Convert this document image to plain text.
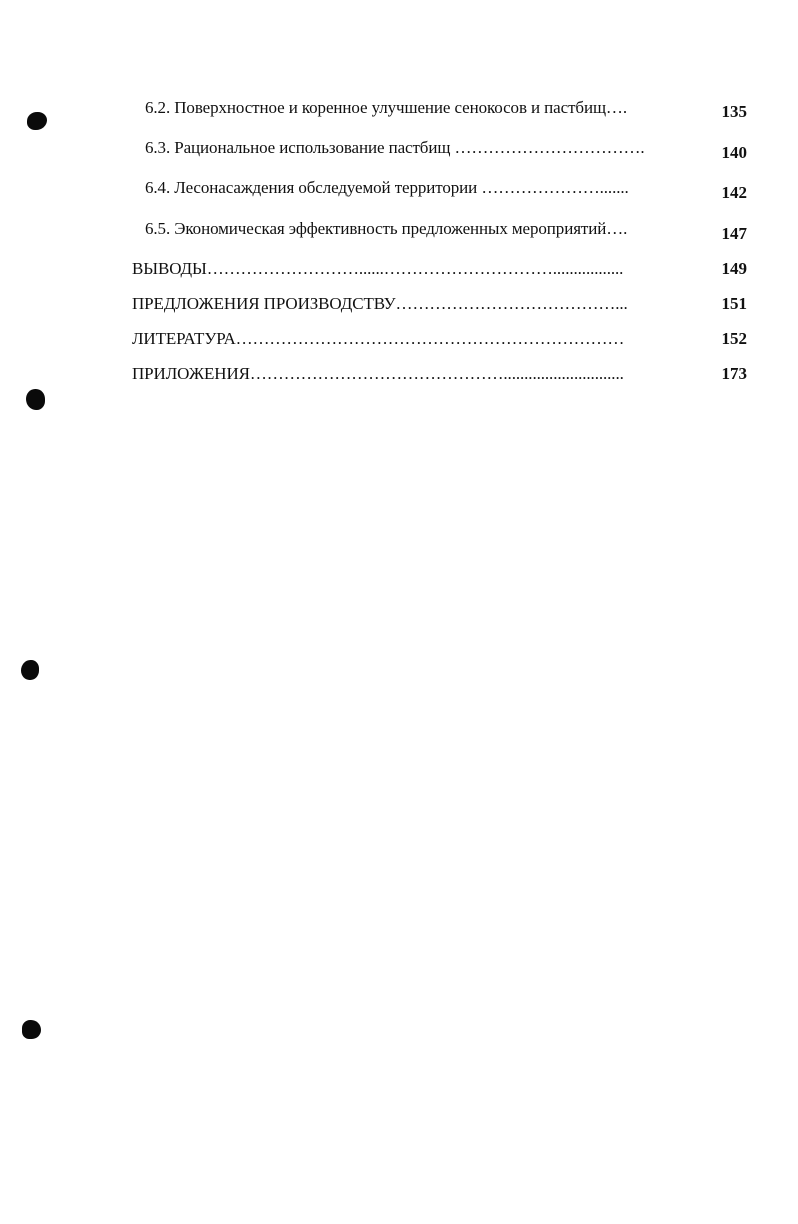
6.2. Поверхностное и коренное улучшение сенокосов и пастбищ….	135
6.3. Рациональное использование пастбищ …………………………….	140
6.4. Лесонасаждения обследуемой территории ………………….......	142
6.5. Экономическая эффективность предложенных мероприятий….	147
ВЫВОДЫ………………………......………………………….................	149
ПРЕДЛОЖЕНИЯ ПРОИЗВОДСТВУ…………………………………...	151
ЛИТЕРАТУРА……………………………………………………………	152
ПРИЛОЖЕНИЯ……………………………………….............................	173
